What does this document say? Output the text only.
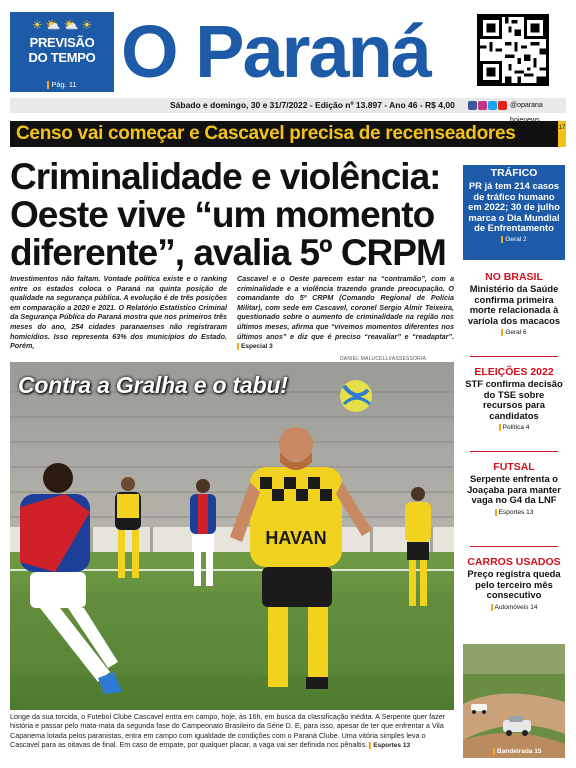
☀ ⛅ ⛅ ☀
PREVISÃO
DO TEMPO
Pág. 11 O Paraná
Sábado e domingo, 30 e 31/7/2022 - Edição nº 13.897 - Ano 46 - R$ 4,00	@oparana
Censo vai começar e Cascavel precisa de recenseadores	17
Criminalidade e violência: Oeste vive “um momento diferente”, avalia 5º CRPM

Investimentos não faltam. Vontade política existe e o ranking entre os estados coloca o Paraná na quinta posição de qualidade na segurança pública. A evolução é de três posições em comparação a 2020 e 2021. O Relatório Estatístico Criminal da Segurança Pública do Paraná mostra que nos primeiros três meses do ano, 254 cidades paranaenses não registraram homicídios. Isso representa 63% dos municípios do Estado. Porém,

Cascavel e o Oeste parecem estar na “contramão”, com a criminalidade e a violência trazendo grande preocupação. O comandante do 5º CRPM (Comando Regional de Polícia Militar), com sede em Cascavel, coronel Sergio Almir Teixeira, questionado sobre o aumento de criminalidade na região nos últimos meses, afirma que “vivemos momentos diferentes nos últimos anos” e diz que é preciso “reavaliar” e “readaptar”. Especial 3

DANIEL MALUCELLI/ASSESSORIA
HAVAN
Contra a Gralha e o tabu!

Longe da sua torcida, o Futebol Clube Cascavel entra em campo, hoje, às 16h, em busca da classificação inédita. A Serpente quer fazer história e passar pelo mata-mata da segunda fase do Campeonato Brasileiro da Série D. E, para isso, apesar de ter que enfrentar a Vila Capanema lotada pelos paranistas, entra em campo com igualdade de condições com o Paraná Clube. Uma vitória simples leva o Cascavel para as oitavas de final. Em caso de empate, por qualquer placar, a vaga vai ser definida nos pênaltis. Esportes 13

TRÁFICO
PR já tem 214 casos de tráfico humano em 2022; 30 de julho marca o Dia Mundial de Enfrentamento
Geral 2
NO BRASIL
Ministério da Saúde confirma primeira morte relacionada à varíola dos macacos
Geral 6
ELEIÇÕES 2022
STF confirma decisão do TSE sobre recursos para candidatos
Política 4
FUTSAL
Serpente enfrenta o Joaçaba para manter vaga no G4 da LNF
Esportes 13
CARROS USADOS
Preço registra queda pelo terceiro mês consecutivo
Automóveis 14
Bandeirada 15
